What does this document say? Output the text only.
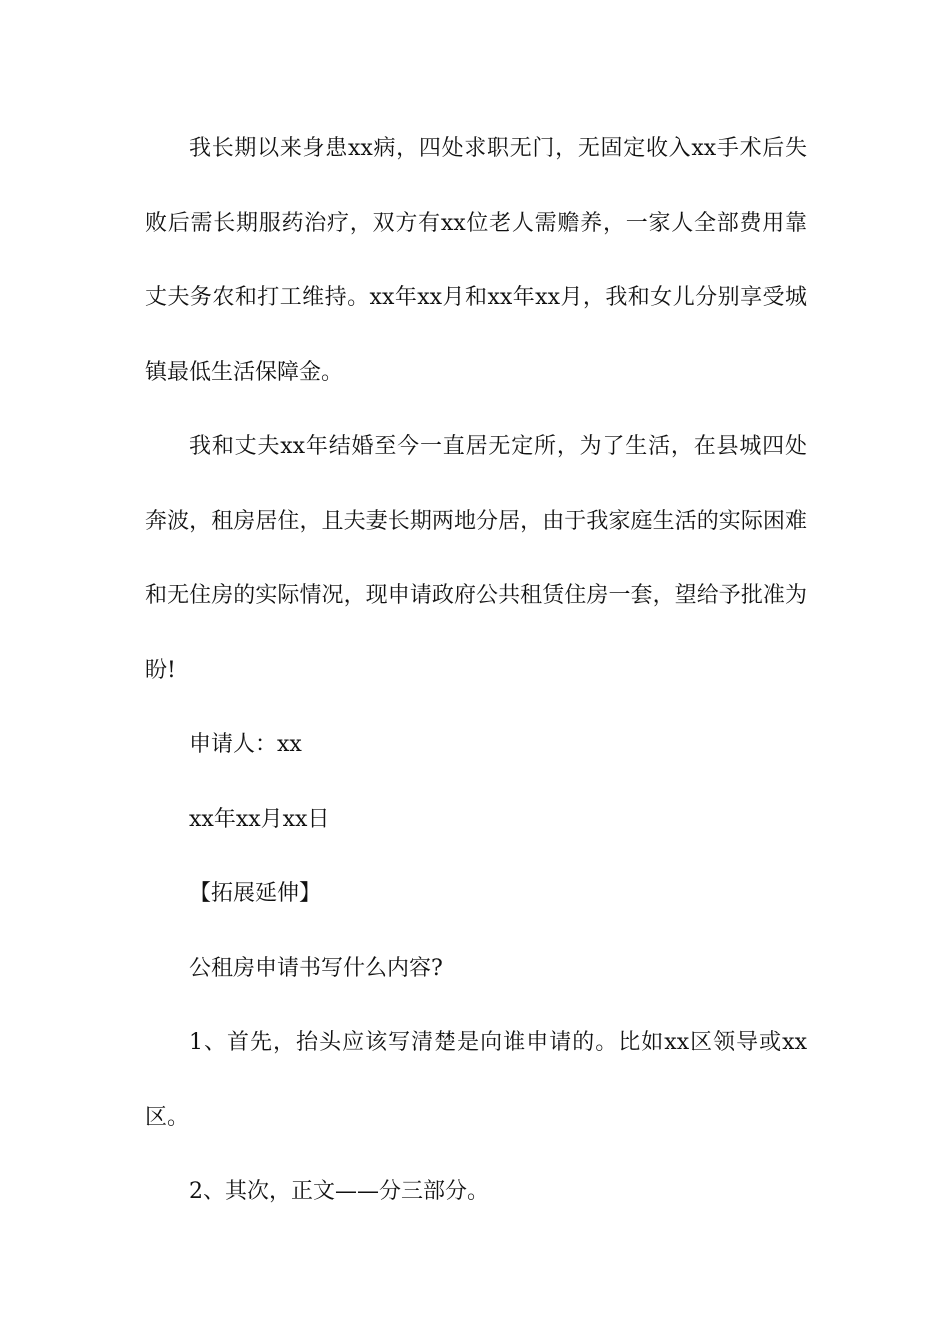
我长期以来身患xx病，四处求职无门，无固定收入xx手术后失败后需长期服药治疗，双方有xx位老人需赡养，一家人全部费用靠丈夫务农和打工维持。xx年xx月和xx年xx月，我和女儿分别享受城镇最低生活保障金。

我和丈夫xx年结婚至今一直居无定所，为了生活，在县城四处奔波，租房居住，且夫妻长期两地分居，由于我家庭生活的实际困难和无住房的实际情况，现申请政府公共租赁住房一套，望给予批准为盼!

申请人：xx

xx年xx月xx日

【拓展延伸】

公租房申请书写什么内容?

1、首先，抬头应该写清楚是向谁申请的。比如xx区领导或xx区。

2、其次，正文——分三部分。
